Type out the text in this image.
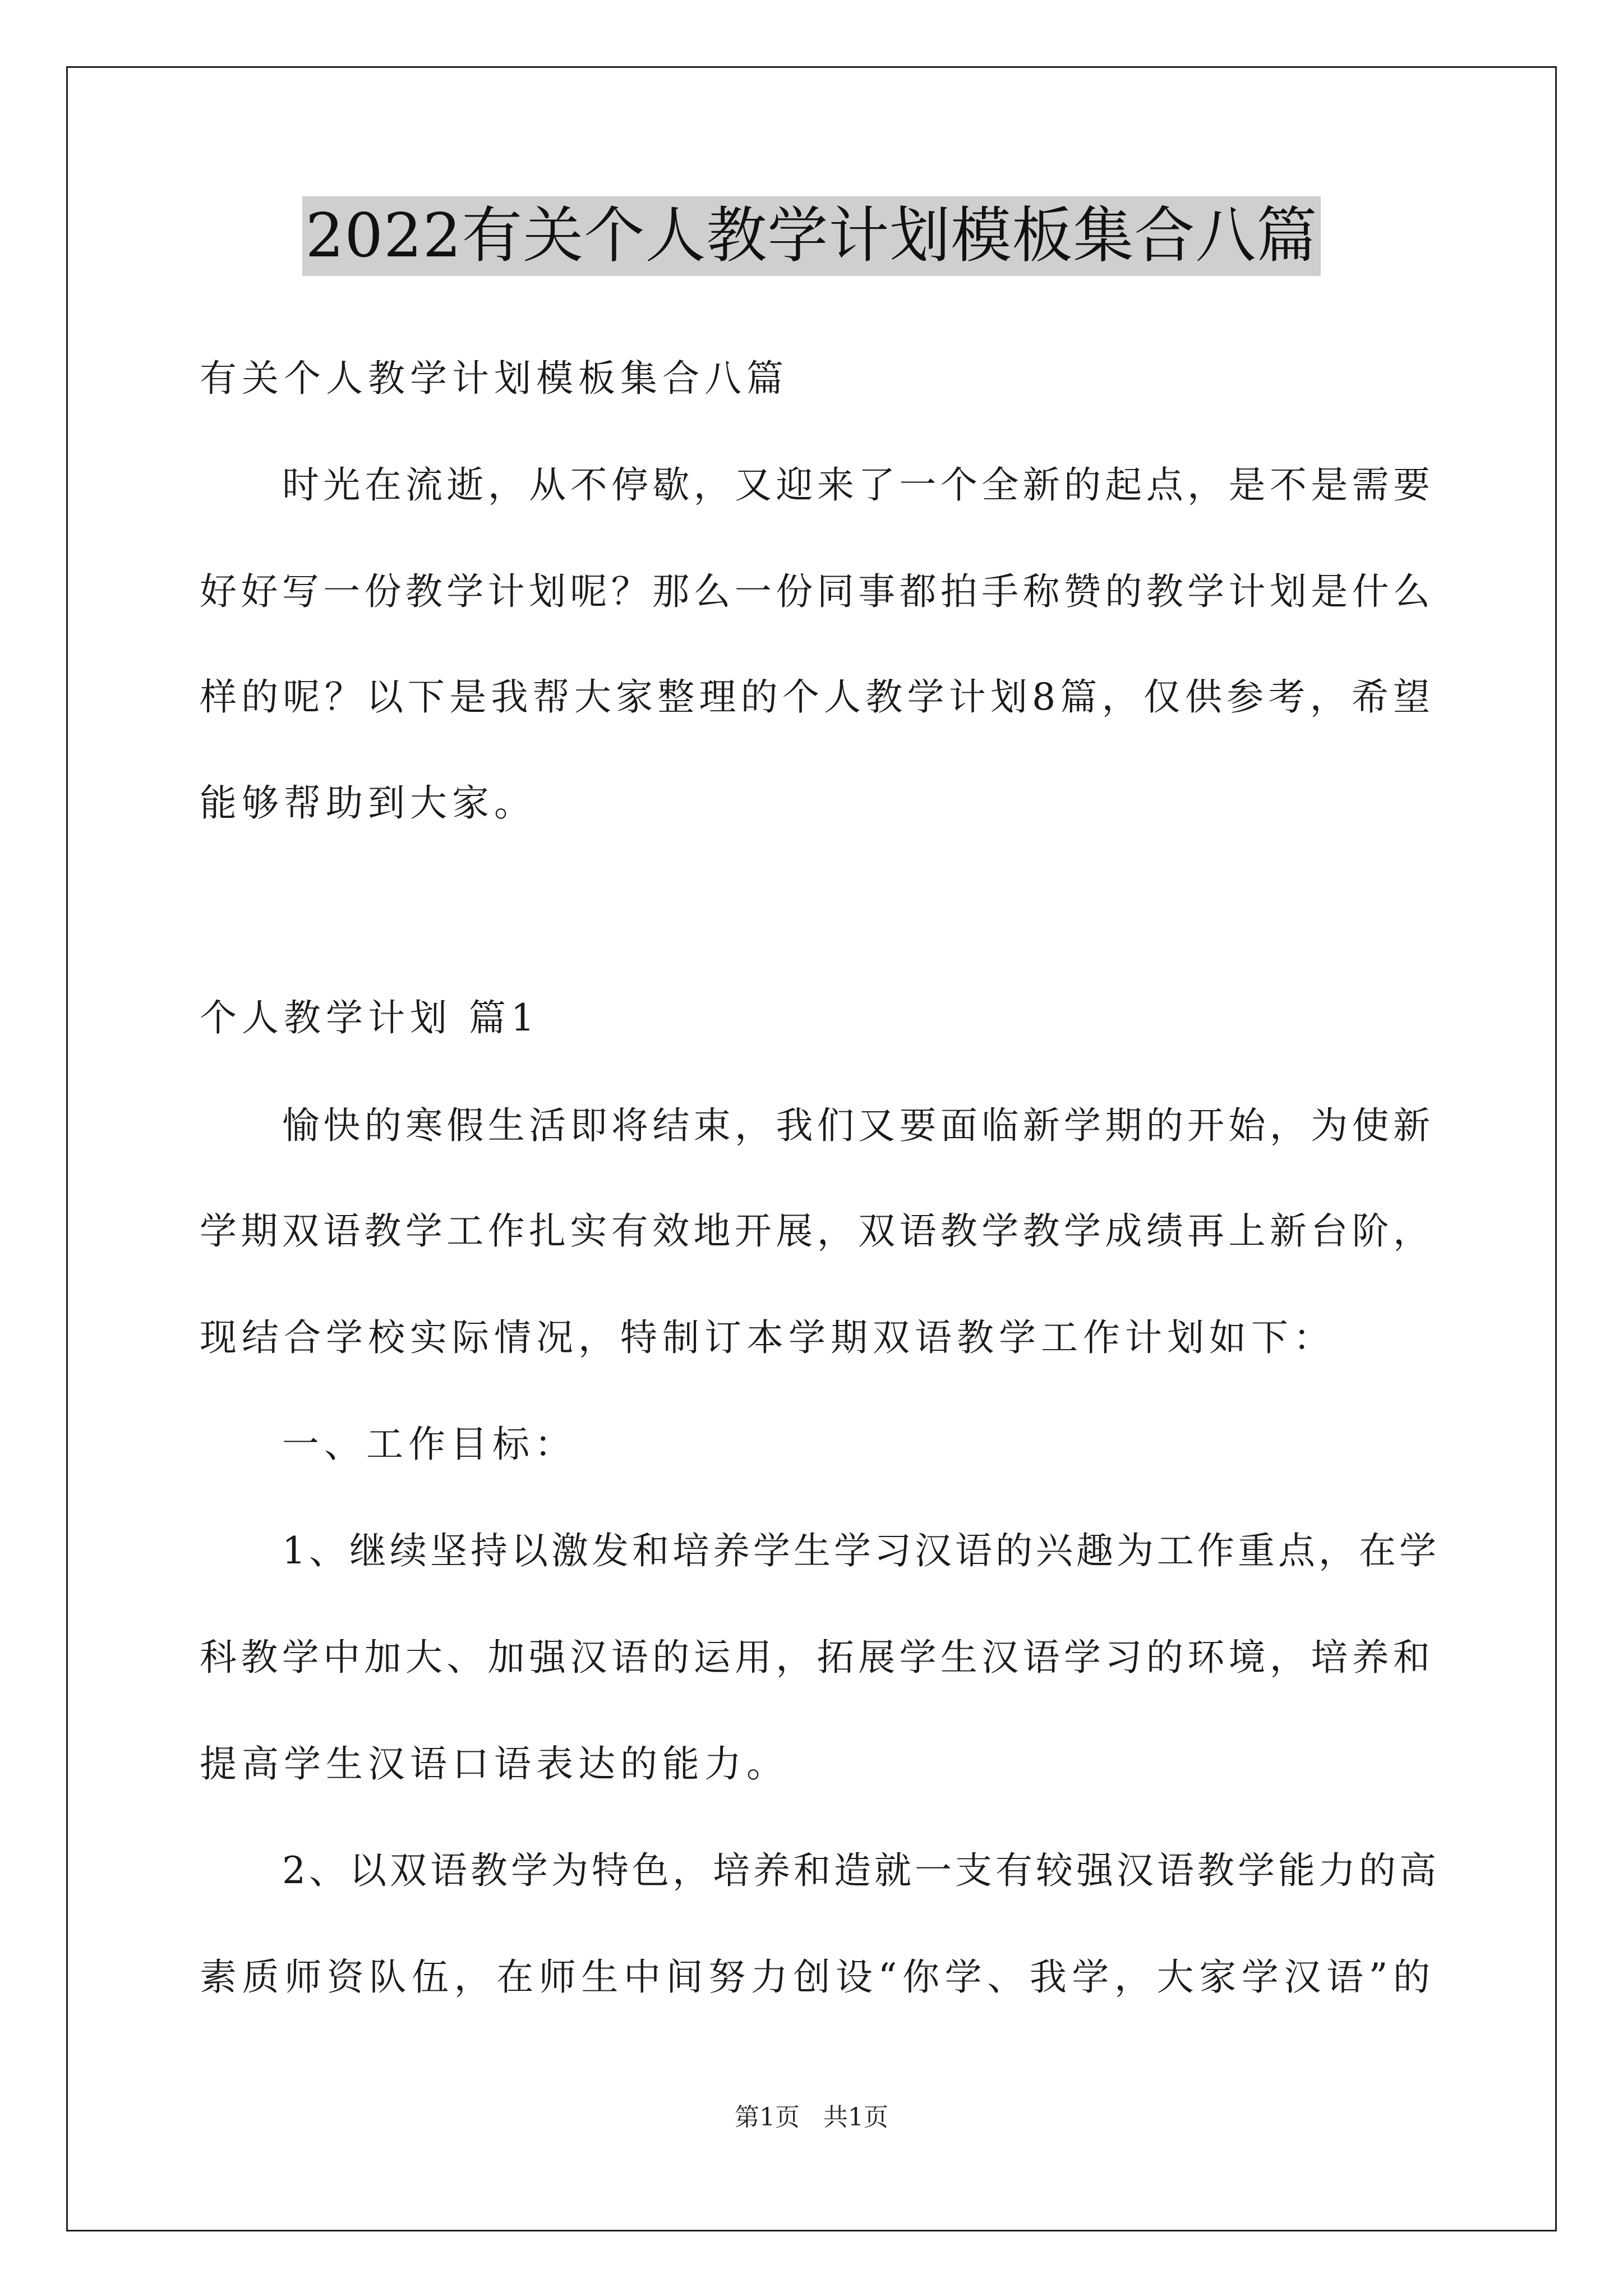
2022有关个人教学计划模板集合八篇
有关个人教学计划模板集合八篇
时光在流逝，从不停歇，又迎来了一个全新的起点，是不是需要
好好写一份教学计划呢？那么一份同事都拍手称赞的教学计划是什么
样的呢？以下是我帮大家整理的个人教学计划8篇，仅供参考，希望
能够帮助到大家。
个人教学计划 篇1
愉快的寒假生活即将结束，我们又要面临新学期的开始，为使新
学期双语教学工作扎实有效地开展，双语教学教学成绩再上新台阶，
现结合学校实际情况，特制订本学期双语教学工作计划如下：
一、工作目标：
1、继续坚持以激发和培养学生学习汉语的兴趣为工作重点，在学
科教学中加大、加强汉语的运用，拓展学生汉语学习的环境，培养和
提高学生汉语口语表达的能力。
2、以双语教学为特色，培养和造就一支有较强汉语教学能力的高
素质师资队伍，在师生中间努力创设“你学、我学，大家学汉语”的
第1页 共1页
